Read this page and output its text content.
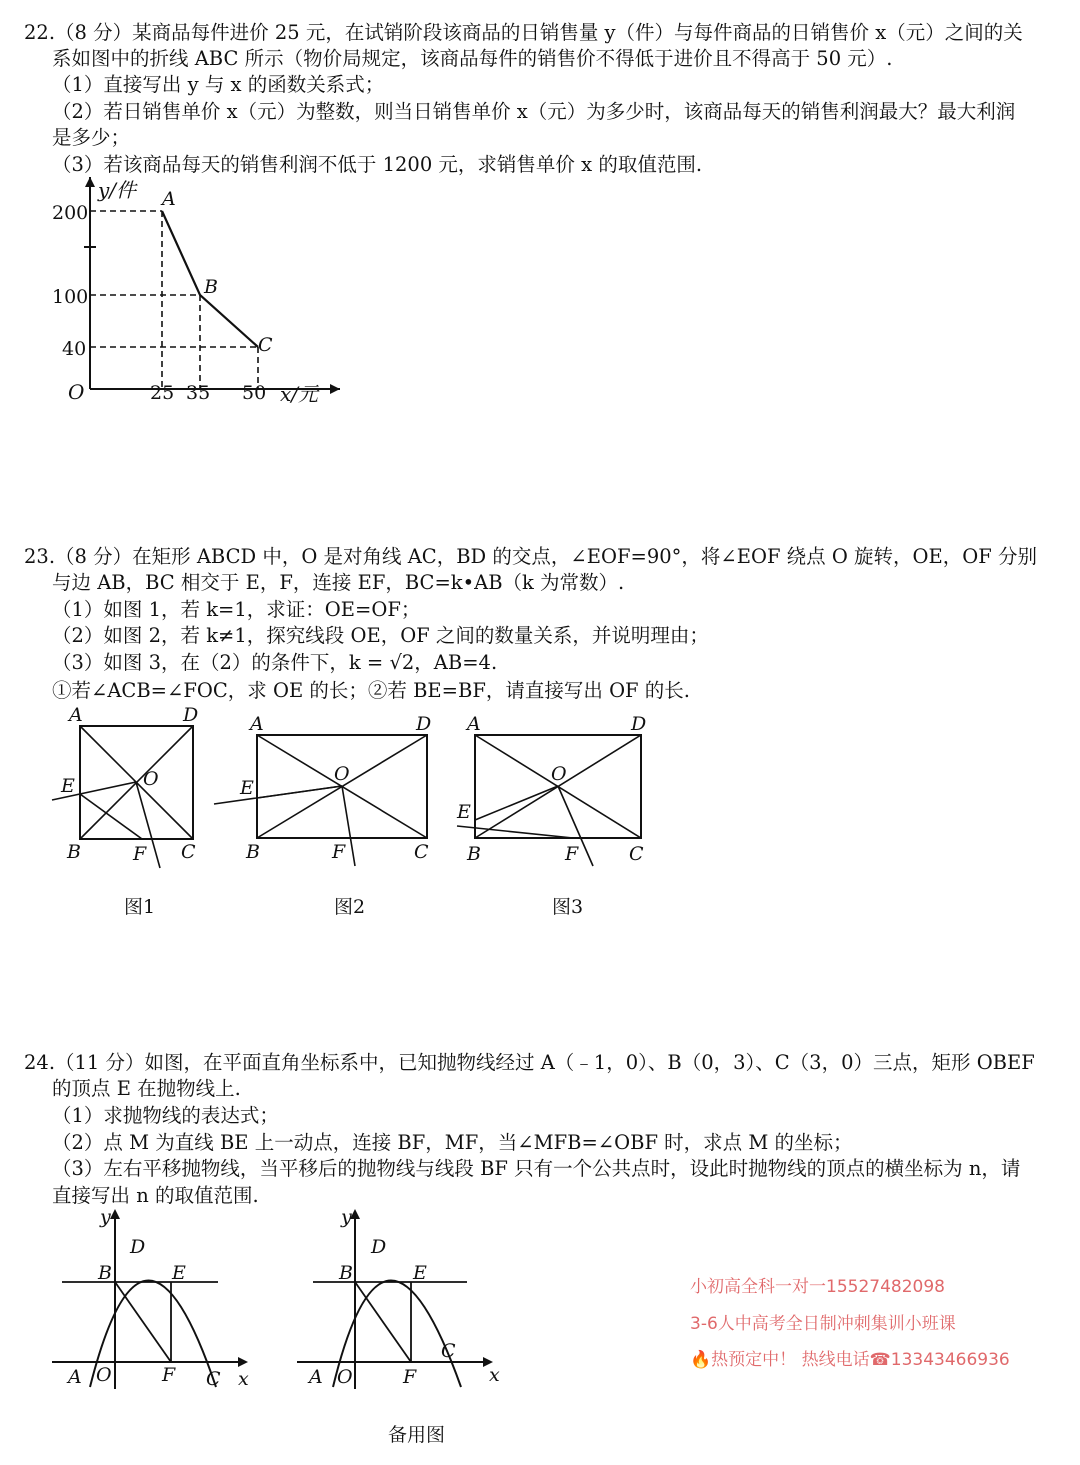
22.（8 分）某商品每件进价 25 元，在试销阶段该商品的日销售量 y（件）与每件商品的日销售价 x（元）之间的关
系如图中的折线 ABC 所示（物价局规定，该商品每件的销售价不得低于进价且不得高于 50 元）.
（1）直接写出 y 与 x 的函数关系式；
（2）若日销售单价 x（元）为整数，则当日销售单价 x（元）为多少时，该商品每天的销售利润最大？最大利润
是多少；
（3）若该商品每天的销售利润不低于 1200 元，求销售单价 x 的取值范围.
y/件
x/元
O
200
100
40
25 35 50
A
B
C
23.（8 分）在矩形 ABCD 中，O 是对角线 AC，BD 的交点，∠EOF=90°，将∠EOF 绕点 O 旋转，OE，OF 分别
与边 AB，BC 相交于 E，F，连接 EF，BC=k•AB（k 为常数）.
（1）如图 1，若 k=1，求证：OE=OF；
（2）如图 2，若 k≠1，探究线段 OE，OF 之间的数量关系，并说明理由；
（3）如图 3，在（2）的条件下，k = √2，AB=4.
①若∠ACB=∠FOC，求 OE 的长；②若 BE=BF，请直接写出 OF 的长.
A	D
E	O
B	F C
A	D
E
O
B	F	C
A	D
E
O
B	F	C
图1	图2	图3
24.（11 分）如图，在平面直角坐标系中，已知抛物线经过 A（﹣1，0）、B（0，3）、C（3，0）三点，矩形 OBEF
的顶点 E 在抛物线上.
（1）求抛物线的表达式；
（2）点 M 为直线 BE 上一动点，连接 BF，MF，当∠MFB=∠OBF 时，求点 M 的坐标；
（3）左右平移抛物线，当平移后的抛物线与线段 BF 只有一个公共点时，设此时抛物线的顶点的横坐标为 n，请
直接写出 n 的取值范围.
y
x
A O
B
C
D
E
F
y
x
A O
B
C
D
E
F
备用图
小初高全科一对一15527482098
3-6人中高考全日制冲刺集训小班课
🔥热预定中！ 热线电话☎13343466936
